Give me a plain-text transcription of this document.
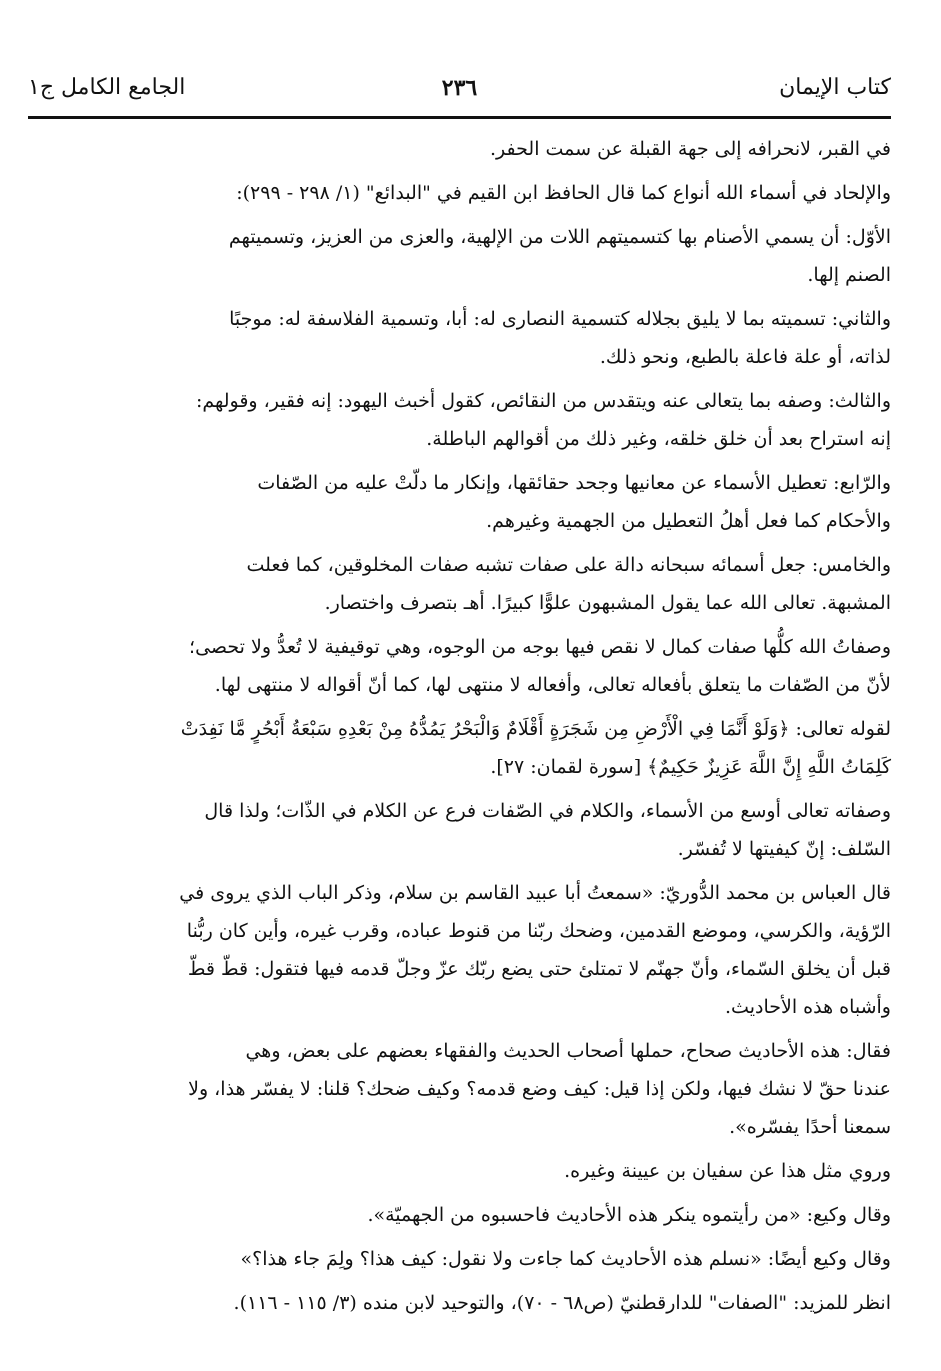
كتاب الإيمان
٢٣٦
الجامع الكامل ج١

في القبر، لانحرافه إلى جهة القبلة عن سمت الحفر.

والإلحاد في أسماء الله أنواع كما قال الحافظ ابن القيم في "البدائع" (١/ ٢٩٨ - ٢٩٩):

الأوّل: أن يسمي الأصنام بها كتسميتهم اللات من الإلهية، والعزى من العزيز، وتسميتهم
الصنم إلها.

والثاني: تسميته بما لا يليق بجلاله كتسمية النصارى له: أبا، وتسمية الفلاسفة له: موجبًا
لذاته، أو علة فاعلة بالطبع، ونحو ذلك.

والثالث: وصفه بما يتعالى عنه ويتقدس من النقائص، كقول أخبث اليهود: إنه فقير، وقولهم:
إنه استراح بعد أن خلق خلقه، وغير ذلك من أقوالهم الباطلة.

والرّابع: تعطيل الأسماء عن معانيها وجحد حقائقها، وإنكار ما دلّتْ عليه من الصّفات
والأحكام كما فعل أهلُ التعطيل من الجهمية وغيرهم.

والخامس: جعل أسمائه سبحانه دالة على صفات تشبه صفات المخلوقين، كما فعلت
المشبهة. تعالى الله عما يقول المشبهون علوًّا كبيرًا. أهـ بتصرف واختصار.

وصفاتُ الله كلُّها صفات كمال لا نقص فيها بوجه من الوجوه، وهي توقيفية لا تُعدُّ ولا تحصى؛
لأنّ من الصّفات ما يتعلق بأفعاله تعالى، وأفعاله لا منتهى لها، كما أنّ أقواله لا منتهى لها.

لقوله تعالى: ﴿وَلَوْ أَنَّمَا فِي الْأَرْضِ مِن شَجَرَةٍ أَقْلَامٌ وَالْبَحْرُ يَمُدُّهُ مِنْ بَعْدِهِ سَبْعَةُ أَبْحُرٍ مَّا نَفِدَتْ
كَلِمَاتُ اللَّهِ إِنَّ اللَّهَ عَزِيزٌ حَكِيمٌ﴾ [سورة لقمان: ٢٧].

وصفاته تعالى أوسع من الأسماء، والكلام في الصّفات فرع عن الكلام في الذّات؛ ولذا قال
السّلف: إنّ كيفيتها لا تُفسّر.

قال العباس بن محمد الدُّوريّ: «سمعتُ أبا عبيد القاسم بن سلام، وذكر الباب الذي يروى في
الرّؤية، والكرسي، وموضع القدمين، وضحك ربّنا من قنوط عباده، وقرب غيره، وأين كان ربُّنا
قبل أن يخلق السّماء، وأنّ جهنّم لا تمتلئ حتى يضع ربّك عزّ وجلّ قدمه فيها فتقول: قطّ قطّ
وأشباه هذه الأحاديث.

فقال: هذه الأحاديث صحاح، حملها أصحاب الحديث والفقهاء بعضهم على بعض، وهي
عندنا حقّ لا نشك فيها، ولكن إذا قيل: كيف وضع قدمه؟ وكيف ضحك؟ قلنا: لا يفسّر هذا، ولا
سمعنا أحدًا يفسّره».

وروي مثل هذا عن سفيان بن عيينة وغيره.

وقال وكيع: «من رأيتموه ينكر هذه الأحاديث فاحسبوه من الجهميّة».

وقال وكيع أيضًا: «نسلم هذه الأحاديث كما جاءت ولا نقول: كيف هذا؟ ولِمَ جاء هذا؟»

انظر للمزيد: "الصفات" للدارقطنيّ (ص٦٨ - ٧٠)، والتوحيد لابن منده (٣/ ١١٥ - ١١٦).
